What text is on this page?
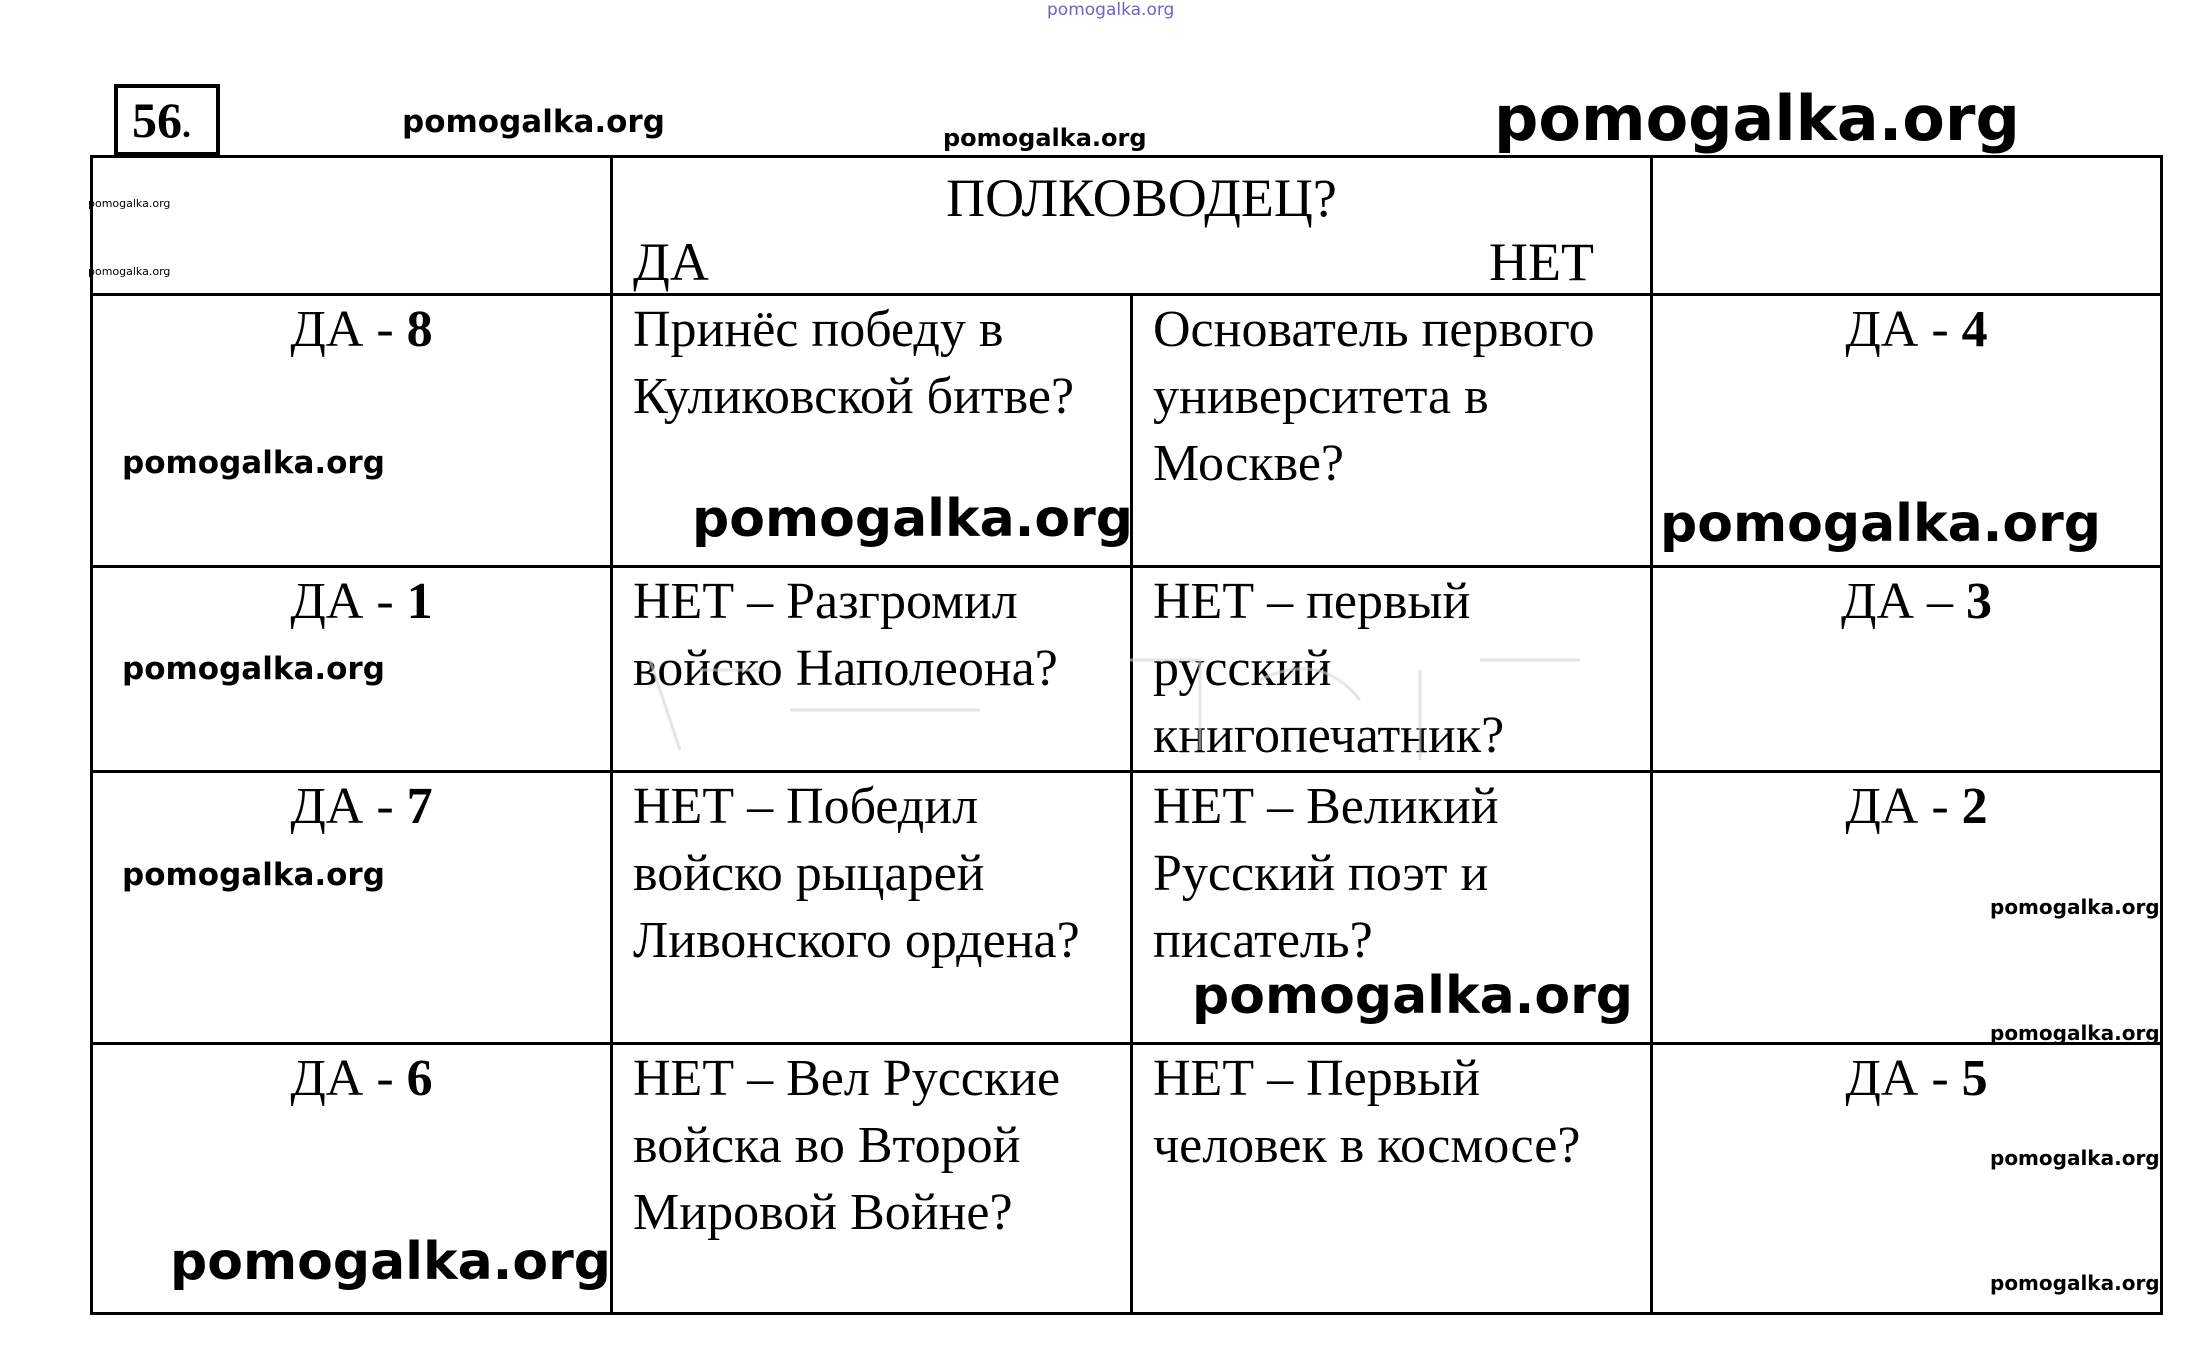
56.

	ПОЛКОВОДЕЦ?
ДА НЕТ		

ДА - 8	Принёс победу в Куликовской битве?	Основатель первого университета в Москве?	ДА - 4
ДА - 1	НЕТ – Разгромил войско Наполеона?	НЕТ – первый русский книгопечатник?	ДА – 3
ДА - 7	НЕТ – Победил войско рыцарей Ливонского ордена?	НЕТ – Великий Русский поэт и писатель?	ДА - 2
ДА - 6	НЕТ – Вел Русские войска во Второй Мировой Войне?	НЕТ – Первый человек в космосе?	ДА - 5
pomogalka.org
pomogalka.org	pomogalka.org	pomogalka.org
pomogalka.org
pomogalka.org
pomogalka.org
pomogalka.org	pomogalka.org
pomogalka.org
pomogalka.org
pomogalka.org
pomogalka.org
pomogalka.org
pomogalka.org
pomogalka.org	pomogalka.org
